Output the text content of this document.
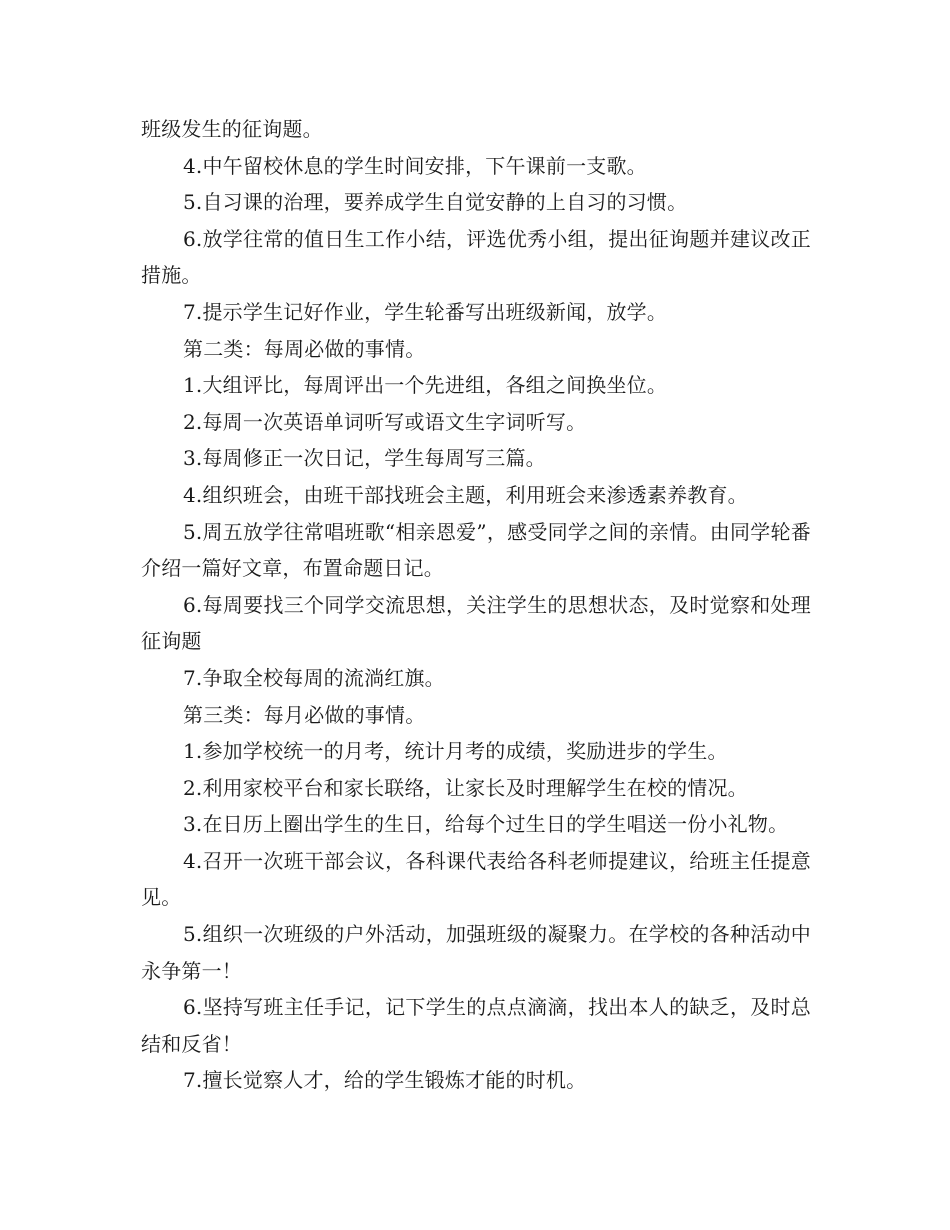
班级发生的征询题。

4.中午留校休息的学生时间安排，下午课前一支歌。

5.自习课的治理，要养成学生自觉安静的上自习的习惯。

6.放学往常的值日生工作小结，评选优秀小组，提出征询题并建议改正措施。

7.提示学生记好作业，学生轮番写出班级新闻，放学。

第二类：每周必做的事情。

1.大组评比，每周评出一个先进组，各组之间换坐位。

2.每周一次英语单词听写或语文生字词听写。

3.每周修正一次日记，学生每周写三篇。

4.组织班会，由班干部找班会主题，利用班会来渗透素养教育。

5.周五放学往常唱班歌“相亲恩爱”，感受同学之间的亲情。由同学轮番介绍一篇好文章，布置命题日记。

6.每周要找三个同学交流思想，关注学生的思想状态，及时觉察和处理征询题

7.争取全校每周的流淌红旗。

第三类：每月必做的事情。

1.参加学校统一的月考，统计月考的成绩，奖励进步的学生。

2.利用家校平台和家长联络，让家长及时理解学生在校的情况。

3.在日历上圈出学生的生日，给每个过生日的学生唱送一份小礼物。

4.召开一次班干部会议，各科课代表给各科老师提建议，给班主任提意见。

5.组织一次班级的户外活动，加强班级的凝聚力。在学校的各种活动中永争第一！

6.坚持写班主任手记，记下学生的点点滴滴，找出本人的缺乏，及时总结和反省！

7.擅长觉察人才，给的学生锻炼才能的时机。
